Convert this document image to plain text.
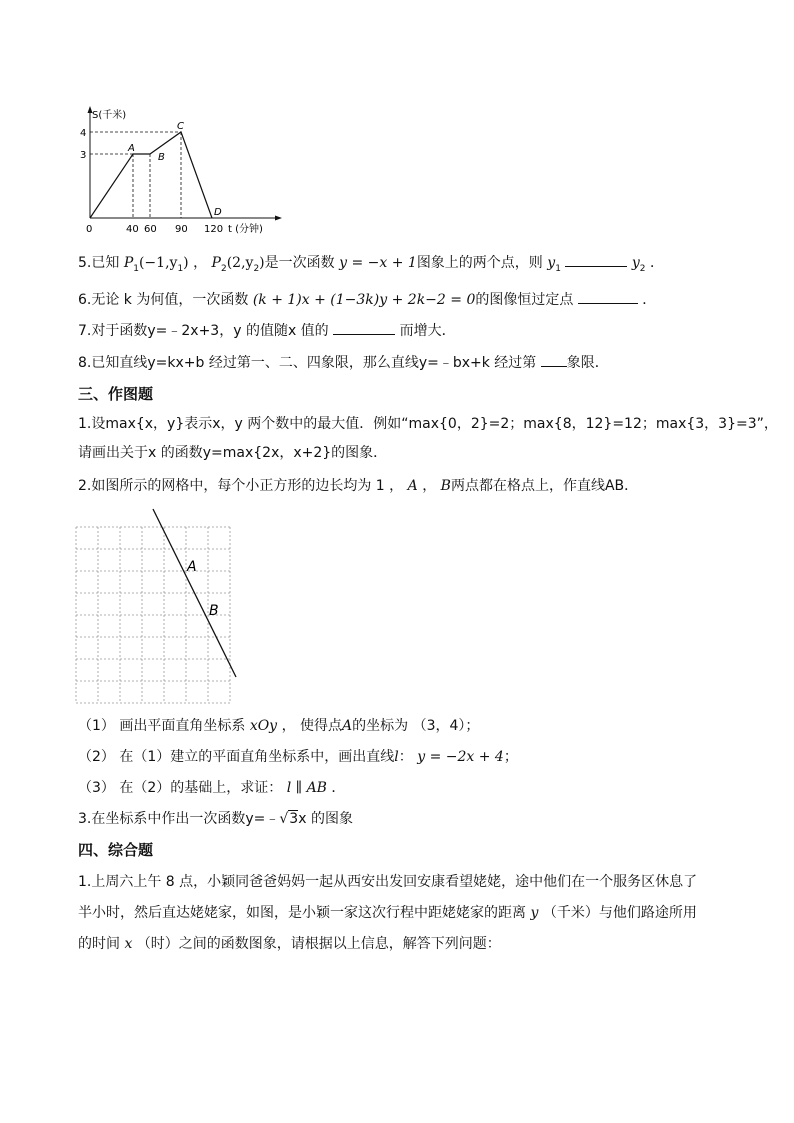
S(千米)
4
3
0	40 60 90 120 t (分钟)
A
B
C
D
5.已知 $P_1(-1,y_1)$ ， $P_2(2,y_2)$是一次函数 y = −x + 1图象上的两个点，则 $y_1$	$y_2$ ．
6.无论 k 为何值，一次函数 (k + 1)x + (1−3k)y + 2k−2 = 0的图像恒过定点	．
7.对于函数y=﹣2x+3，y 的值随x 值的	而增大．
8.已知直线y=kx+b 经过第一、二、四象限，那么直线y=﹣bx+k 经过第 象限．
三、作图题
1.设max{x，y}表示x，y 两个数中的最大值．例如“max{0，2}=2；max{8，12}=12；max{3，3}=3”，
请画出关于x 的函数y=max{2x，x+2}的图象．
2.如图所示的网格中，每个小正方形的边长均为 1 ， A ， B两点都在格点上，作直线AB．
A
B
（1） 画出平面直角坐标系 xOy ， 使得点A的坐标为 （3，4）；
（2） 在（1）建立的平面直角坐标系中，画出直线l： y = −2x + 4；
（3） 在（2）的基础上，求证： l ∥ AB ．
3.在坐标系中作出一次函数y=﹣√3x 的图象
四、综合题
1.上周六上午 8 点，小颖同爸爸妈妈一起从西安出发回安康看望姥姥，途中他们在一个服务区休息了
半小时，然后直达姥姥家，如图，是小颖一家这次行程中距姥姥家的距离 y （千米）与他们路途所用
的时间 x （时）之间的函数图象，请根据以上信息，解答下列问题：
